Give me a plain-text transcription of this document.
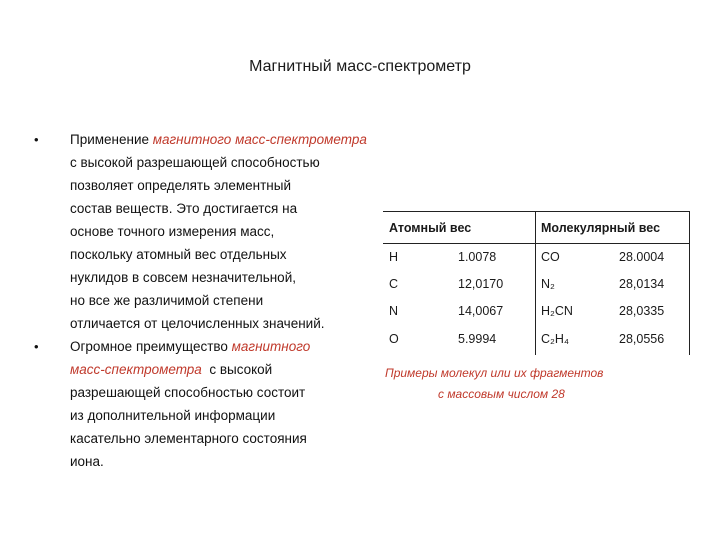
Магнитный масс-спектрометр
•
•
Применение магнитного масс-спектрометра
с высокой разрешающей способностью
позволяет определять элементный
состав веществ. Это достигается на
основе точного измерения масс,
поскольку атомный вес отдельных
нуклидов в совсем незначительной,
но все же различимой степени
отличается от целочисленных значений.
Огромное преимущество магнитного
масс-спектрометра  с высокой
разрешающей способностью состоит
из дополнительной информации
касательно элементарного состояния
иона.
Атомный вес	Молекулярный вес
H	1.0078	CO	28.0004
C	12,0170	N₂	28,0134
N	14,0067	H₂CN	28,0335
O	5.9994	C₂H₄	28,0556
Примеры молекул или их фрагментов
с массовым числом 28
